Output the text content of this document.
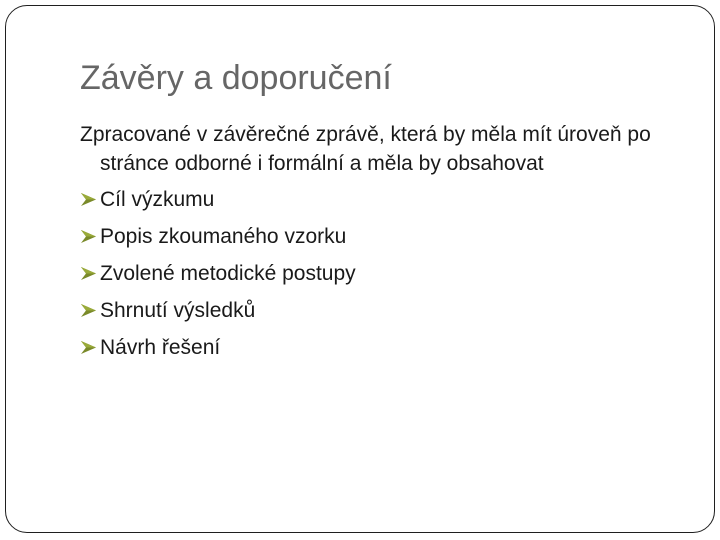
Závěry a doporučení

Zpracované v závěrečné zprávě, která by měla mít úroveň po stránce odborné i formální a měla by obsahovat

Cíl výzkumu
Popis zkoumaného vzorku
Zvolené metodické postupy
Shrnutí výsledků
Návrh řešení
